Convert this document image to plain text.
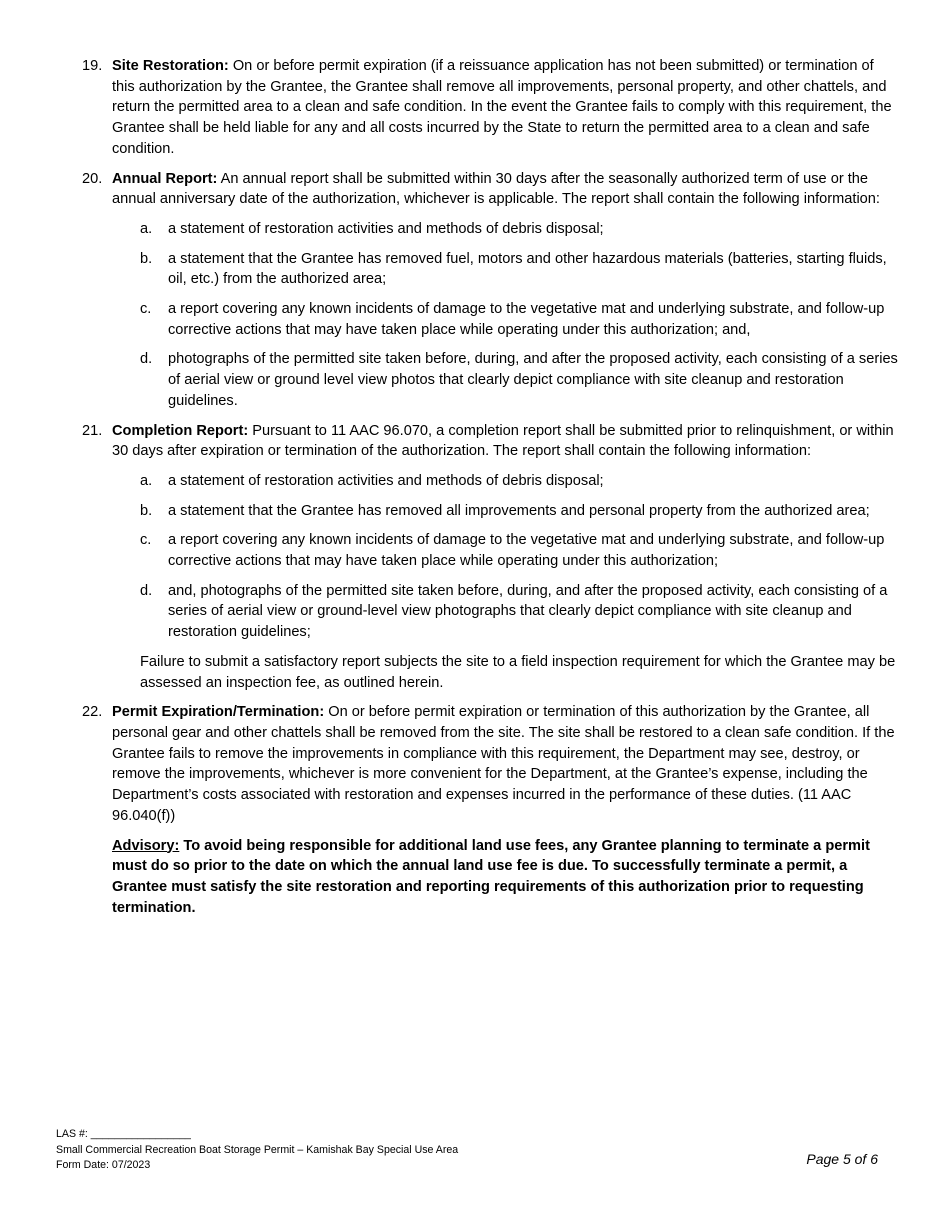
19. Site Restoration: On or before permit expiration (if a reissuance application has not been submitted) or termination of this authorization by the Grantee, the Grantee shall remove all improvements, personal property, and other chattels, and return the permitted area to a clean and safe condition. In the event the Grantee fails to comply with this requirement, the Grantee shall be held liable for any and all costs incurred by the State to return the permitted area to a clean and safe condition.
20. Annual Report: An annual report shall be submitted within 30 days after the seasonally authorized term of use or the annual anniversary date of the authorization, whichever is applicable. The report shall contain the following information:
a.	a statement of restoration activities and methods of debris disposal;
b.	a statement that the Grantee has removed fuel, motors and other hazardous materials (batteries, starting fluids, oil, etc.) from the authorized area;
c.	a report covering any known incidents of damage to the vegetative mat and underlying substrate, and follow-up corrective actions that may have taken place while operating under this authorization; and,
d.	photographs of the permitted site taken before, during, and after the proposed activity, each consisting of a series of aerial view or ground level view photos that clearly depict compliance with site cleanup and restoration guidelines.
21. Completion Report: Pursuant to 11 AAC 96.070, a completion report shall be submitted prior to relinquishment, or within 30 days after expiration or termination of the authorization. The report shall contain the following information:
a.	a statement of restoration activities and methods of debris disposal;
b.	a statement that the Grantee has removed all improvements and personal property from the authorized area;
c.	a report covering any known incidents of damage to the vegetative mat and underlying substrate, and follow-up corrective actions that may have taken place while operating under this authorization;
d.	and, photographs of the permitted site taken before, during, and after the proposed activity, each consisting of a series of aerial view or ground-level view photographs that clearly depict compliance with site cleanup and restoration guidelines;
Failure to submit a satisfactory report subjects the site to a field inspection requirement for which the Grantee may be assessed an inspection fee, as outlined herein.
22. Permit Expiration/Termination: On or before permit expiration or termination of this authorization by the Grantee, all personal gear and other chattels shall be removed from the site. The site shall be restored to a clean safe condition. If the Grantee fails to remove the improvements in compliance with this requirement, the Department may see, destroy, or remove the improvements, whichever is more convenient for the Department, at the Grantee’s expense, including the Department’s costs associated with restoration and expenses incurred in the performance of these duties. (11 AAC 96.040(f))
Advisory: To avoid being responsible for additional land use fees, any Grantee planning to terminate a permit must do so prior to the date on which the annual land use fee is due. To successfully terminate a permit, a Grantee must satisfy the site restoration and reporting requirements of this authorization prior to requesting termination.
LAS #: _________________
Small Commercial Recreation Boat Storage Permit – Kamishak Bay Special Use Area
Form Date: 07/2023	Page 5 of 6
